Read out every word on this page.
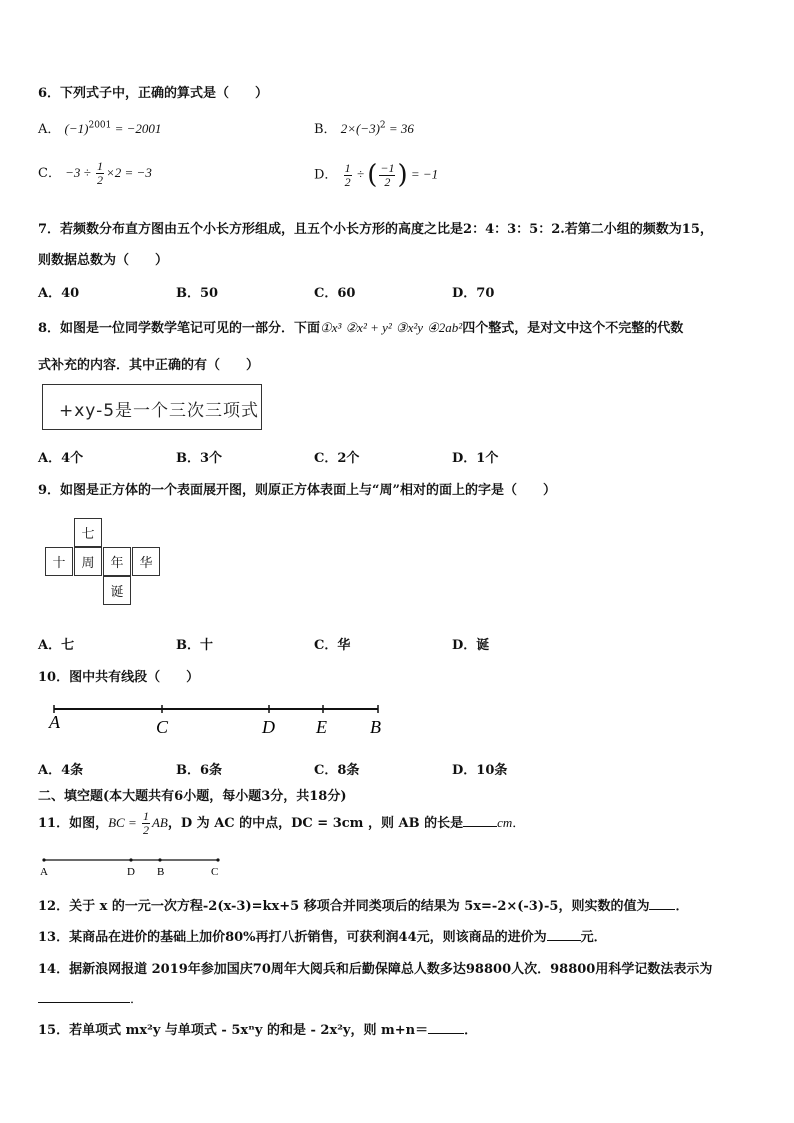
6．下列式子中，正确的算式是（　　）
A． $(-1)^{2001} = -2001$	B． $2\times(-3)^2 = 36$
C． $-3 \div \frac{1}{2} \times 2 = -3$	D． $\frac{1}{2}$ ÷ ( $\frac{-1}{2}$ ) = −1
7．若频数分布直方图由五个小长方形组成，且五个小长方形的高度之比是2：4：3：5：2.若第二小组的频数为15，
则数据总数为（　　）
A．40	B．50	C．60	D．70
8．如图是一位同学数学笔记可见的一部分．下面①x³ ②x² + y² ③x²y ④2ab²四个整式，是对文中这个不完整的代数
式补充的内容．其中正确的有（　　）
+xy-5是一个三次三项式
A．4个	B．3个	C．2个	D．1个
9．如图是正方体的一个表面展开图，则原正方体表面上与“周”相对的面上的字是（　　）
七
十	周	年	华
诞
A．七	B．十	C．华	D．诞
10．图中共有线段（　　）
A	C	D E B
A．4条	B．6条	C．8条	D．10条
二、填空题(本大题共有6小题，每小题3分，共18分)
11．如图，BC = $\frac{1}{2}$ AB，D 为 AC 的中点，DC = 3cm ，则 AB 的长是	cm．
A	D B	C
12．关于 x 的一元一次方程-2(x-3)=kx+5 移项合并同类项后的结果为 5x=-2×(-3)-5，则实数的值为 ．
13．某商品在进价的基础上加价80%再打八折销售，可获利润44元，则该商品的进价为	元．
14．据新浪网报道 2019年参加国庆70周年大阅兵和后勤保障总人数多达98800人次．98800用科学记数法表示为
．
15．若单项式 mx²y 与单项式 - 5xⁿy 的和是 - 2x²y，则 m+n＝	．
